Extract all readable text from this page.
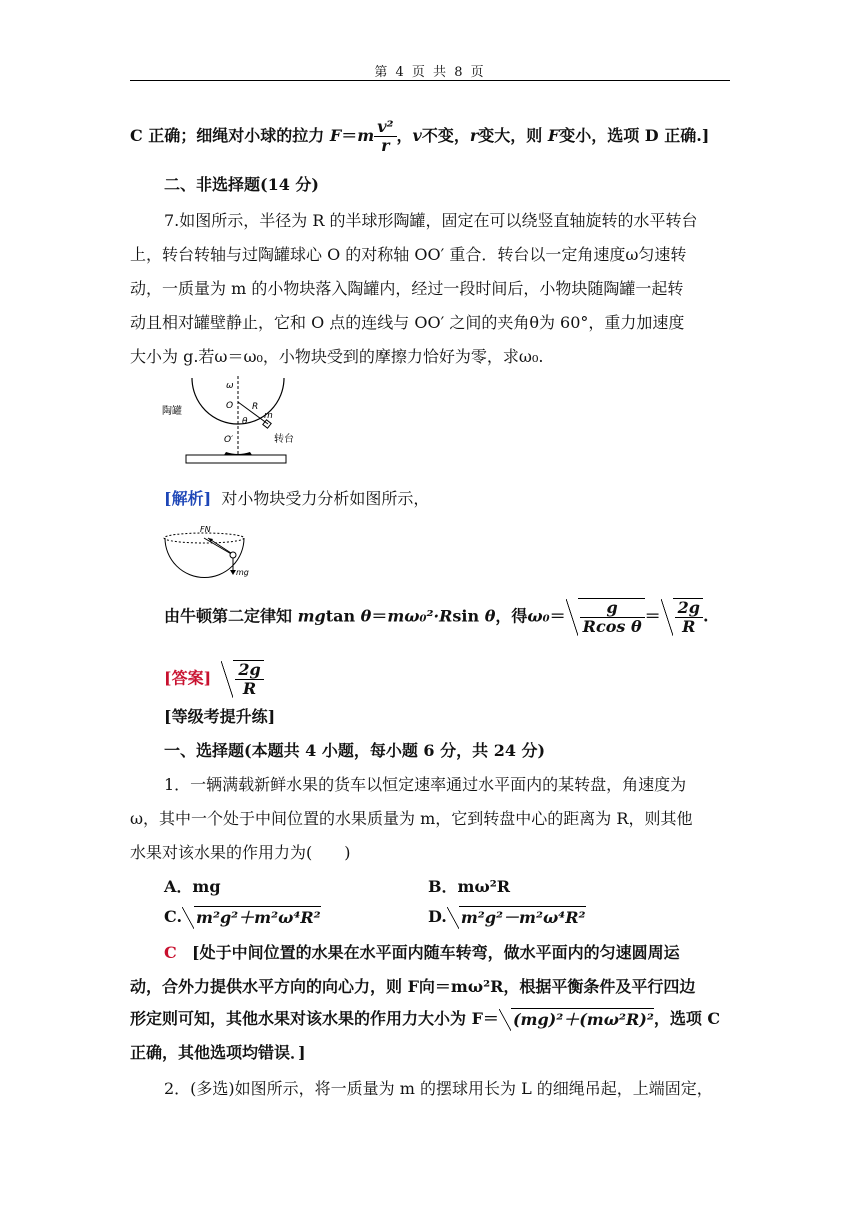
第 4 页 共 8 页
C 正确；细绳对小球的拉力 $F=m \frac{\text{v²}}{r}$ ，v不变，r变大，则 F变小，选项 D 正确.]
二、非选择题(14 分)
7.如图所示，半径为 R 的半球形陶罐，固定在可以绕竖直轴旋转的水平转台
上，转台转轴与过陶罐球心 O 的对称轴 OO′ 重合．转台以一定角速度ω匀速转
动，一质量为 m 的小物块落入陶罐内，经过一段时间后，小物块随陶罐一起转
动且相对罐壁静止，它和 O 点的连线与 OO′ 之间的夹角θ为 60°，重力加速度
大小为 g.若ω＝ω₀，小物块受到的摩擦力恰好为零，求ω₀.
ω
陶罐	O R
m
θ
O′	转台
[解析] 对小物块受力分析如图所示，
FN
mg
由牛顿第二定律知 mgtan θ＝mω₀²·Rsin θ，得$\omega_0= \frac{g}{\text{Rcos θ}} = \frac{2g}{R}$ .
[答案] $\frac{2g}{R}$
[等级考提升练]
一、选择题(本题共 4 小题，每小题 6 分，共 24 分)
1．一辆满载新鲜水果的货车以恒定速率通过水平面内的某转盘，角速度为
ω，其中一个处于中间位置的水果质量为 m，它到转盘中心的距离为 R，则其他
水果对该水果的作用力为(　　)
A．mg	B．mω²R
C. m²g²＋m²ω⁴R²	D. m²g²－m²ω⁴R²
C [处于中间位置的水果在水平面内随车转弯，做水平面内的匀速圆周运
动，合外力提供水平方向的向心力，则 F向＝mω²R，根据平衡条件及平行四边
形定则可知，其他水果对该水果的作用力大小为 F＝ (mg)²＋(mω²R)²，选项 C
正确，其他选项均错误．]
2．(多选)如图所示，将一质量为 m 的摆球用长为 L 的细绳吊起，上端固定，
